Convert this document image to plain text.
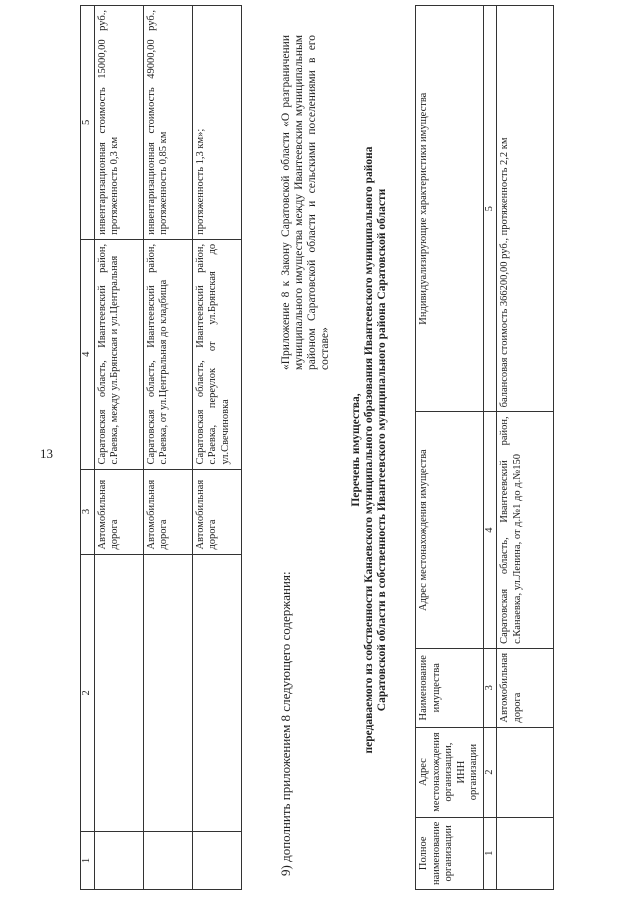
13
1	2	3	4	5
		Автомобильная дорога	Саратовская область, Ивантеевский район, с.Раевка, между ул.Брянская и ул.Центральная	инвентаризационная стоимость 15000,00 руб., протяженность 0,3 км
		Автомобильная дорога	Саратовская область, Ивантеевский район, с.Раевка, от ул.Центральная до кладбища	инвентаризационная стоимость 49000,00 руб., протяженность 0,85 км
		Автомобильная дорога	Саратовская область, Ивантеевский район, с.Раевка, переулок от ул.Брянская до ул.Свечиновка	протяженность 1,3 км»;
9) дополнить приложением 8 следующего содержания:
«Приложение 8 к Закону Саратовской области «О разграничении муниципального имущества между Ивантеевским муниципальным районом Саратовской области и сельскими поселениями в его составе»
Перечень имущества, передаваемого из собственности Канаевского муниципального образования Ивантеевского муниципального района Саратовской области в собственность Ивантеевского муниципального района Саратовской области
Полное наименование организации	Адрес местонахождения организации, ИНН организации	Наименование имущества	Адрес местонахождения имущества	Индивидуализирующие характеристики имущества
1	2	3	4	5
		Автомобильная дорога	Саратовская область, Ивантеевский район, с.Канаевка, ул.Ленина, от д.№1 до д.№150	балансовая стоимость 366200,00 руб., протяженность 2,2 км
